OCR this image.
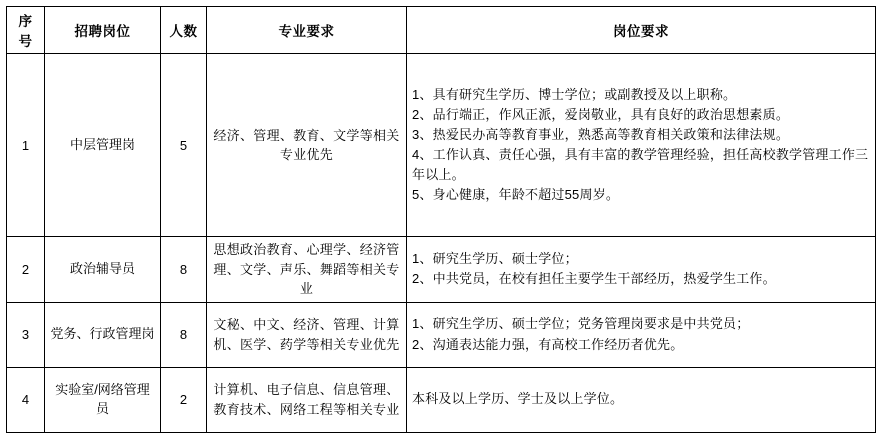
序号	招聘岗位	人数	专业要求	岗位要求
1	中层管理岗	5	经济、管理、教育、文学等相关专业优先	1、具有研究生学历、博士学位；或副教授及以上职称。
2、品行端正，作风正派，爱岗敬业，具有良好的政治思想素质。
3、热爱民办高等教育事业，熟悉高等教育相关政策和法律法规。
4、工作认真、责任心强，具有丰富的教学管理经验，担任高校教学管理工作三年以上。
5、身心健康，年龄不超过55周岁。

2	政治辅导员	8	思想政治教育、心理学、经济管理、文学、声乐、舞蹈等相关专业	1、研究生学历、硕士学位；
2、中共党员，在校有担任主要学生干部经历，热爱学生工作。

3	党务、行政管理岗	8	文秘、中文、经济、管理、计算机、医学、药学等相关专业优先	1、研究生学历、硕士学位；党务管理岗要求是中共党员；
2、沟通表达能力强，有高校工作经历者优先。

4	实验室/网络管理员	2	计算机、电子信息、信息管理、教育技术、网络工程等相关专业	本科及以上学历、学士及以上学位。
